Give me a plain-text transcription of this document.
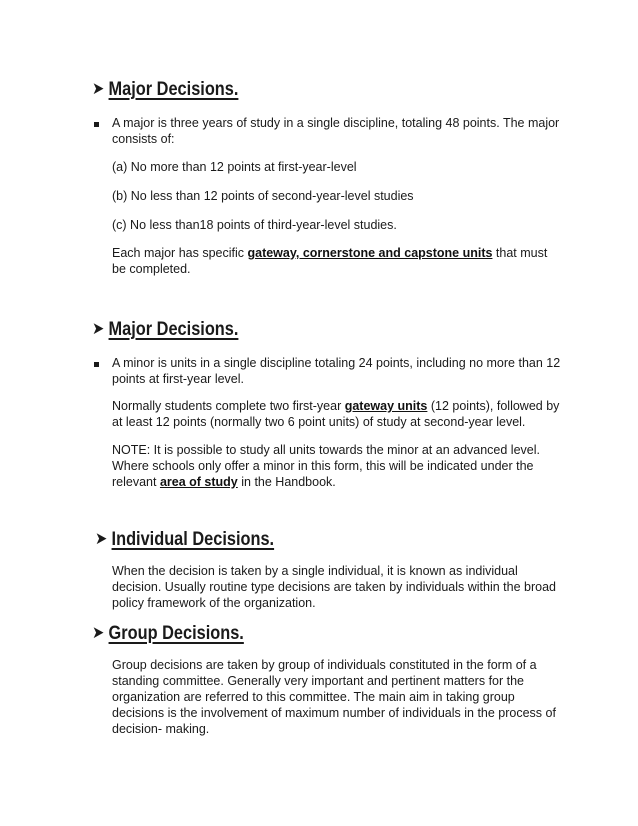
➤ Major Decisions.
A major is three years of study in a single discipline, totaling 48 points. The major consists of:
(a) No more than 12 points at first-year-level
(b) No less than 12 points of second-year-level studies
(c) No less than18 points of third-year-level studies.
Each major has specific gateway, cornerstone and capstone units that must be completed.
➤ Major Decisions.
A minor is units in a single discipline totaling 24 points, including no more than 12 points at first-year level.
Normally students complete two first-year gateway units (12 points), followed by at least 12 points (normally two 6 point units) of study at second-year level.
NOTE: It is possible to study all units towards the minor at an advanced level. Where schools only offer a minor in this form, this will be indicated under the relevant area of study in the Handbook.
➤ Individual Decisions.
When the decision is taken by a single individual, it is known as individual decision. Usually routine type decisions are taken by individuals within the broad policy framework of the organization.
➤ Group Decisions.
Group decisions are taken by group of individuals constituted in the form of a standing committee. Generally very important and pertinent matters for the organization are referred to this committee. The main aim in taking group decisions is the involvement of maximum number of individuals in the process of decision- making.
